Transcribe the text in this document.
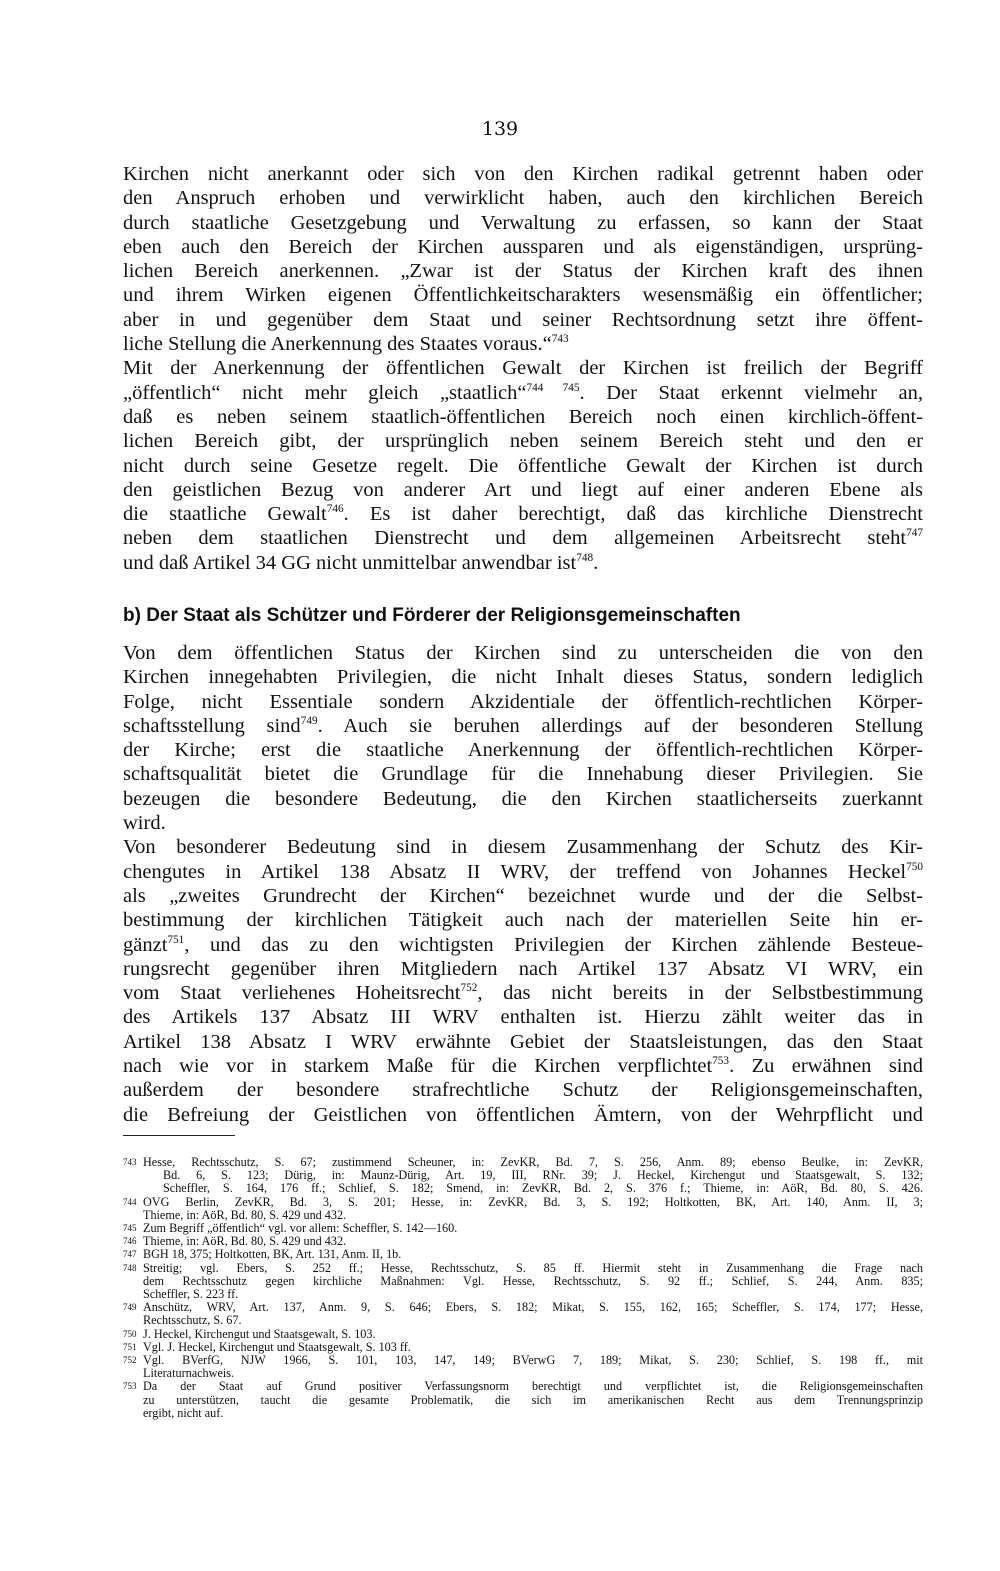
139
Kirchen nicht anerkannt oder sich von den Kirchen radikal getrennt haben oder
den Anspruch erhoben und verwirklicht haben, auch den kirchlichen Bereich
durch staatliche Gesetzgebung und Verwaltung zu erfassen, so kann der Staat
eben auch den Bereich der Kirchen aussparen und als eigenständigen, ursprüng-
lichen Bereich anerkennen. „Zwar ist der Status der Kirchen kraft des ihnen
und ihrem Wirken eigenen Öffentlichkeitscharakters wesensmäßig ein öffentlicher;
aber in und gegenüber dem Staat und seiner Rechtsordnung setzt ihre öffent-
liche Stellung die Anerkennung des Staates voraus.“$^{743}$
Mit der Anerkennung der öffentlichen Gewalt der Kirchen ist freilich der Begriff
„öffentlich“ nicht mehr gleich „staatlich“$^{744 745}$. Der Staat erkennt vielmehr an,
daß es neben seinem staatlich-öffentlichen Bereich noch einen kirchlich-öffent-
lichen Bereich gibt, der ursprünglich neben seinem Bereich steht und den er
nicht durch seine Gesetze regelt. Die öffentliche Gewalt der Kirchen ist durch
den geistlichen Bezug von anderer Art und liegt auf einer anderen Ebene als
die staatliche Gewalt$^{746}$. Es ist daher berechtigt, daß das kirchliche Dienstrecht
neben dem staatlichen Dienstrecht und dem allgemeinen Arbeitsrecht steht$^{747}$
und daß Artikel 34 GG nicht unmittelbar anwendbar ist$^{748}$.
b) Der Staat als Schützer und Förderer der Religionsgemeinschaften
Von dem öffentlichen Status der Kirchen sind zu unterscheiden die von den
Kirchen innegehabten Privilegien, die nicht Inhalt dieses Status, sondern lediglich
Folge, nicht Essentiale sondern Akzidentiale der öffentlich-rechtlichen Körper-
schaftsstellung sind$^{749}$. Auch sie beruhen allerdings auf der besonderen Stellung
der Kirche; erst die staatliche Anerkennung der öffentlich-rechtlichen Körper-
schaftsqualität bietet die Grundlage für die Innehabung dieser Privilegien. Sie
bezeugen die besondere Bedeutung, die den Kirchen staatlicherseits zuerkannt
wird.
Von besonderer Bedeutung sind in diesem Zusammenhang der Schutz des Kir-
chengutes in Artikel 138 Absatz II WRV, der treffend von Johannes Heckel$^{750}$
als „zweites Grundrecht der Kirchen“ bezeichnet wurde und der die Selbst-
bestimmung der kirchlichen Tätigkeit auch nach der materiellen Seite hin er-
gänzt$^{751}$, und das zu den wichtigsten Privilegien der Kirchen zählende Besteue-
rungsrecht gegenüber ihren Mitgliedern nach Artikel 137 Absatz VI WRV, ein
vom Staat verliehenes Hoheitsrecht$^{752}$, das nicht bereits in der Selbstbestimmung
des Artikels 137 Absatz III WRV enthalten ist. Hierzu zählt weiter das in
Artikel 138 Absatz I WRV erwähnte Gebiet der Staatsleistungen, das den Staat
nach wie vor in starkem Maße für die Kirchen verpflichtet$^{753}$. Zu erwähnen sind
außerdem der besondere strafrechtliche Schutz der Religionsgemeinschaften,
die Befreiung der Geistlichen von öffentlichen Ämtern, von der Wehrpflicht und
743 Hesse, Rechtsschutz, S. 67; zustimmend Scheuner, in: ZevKR, Bd. 7, S. 256, Anm. 89; ebenso Beulke, in: ZevKR,
Bd. 6, S. 123; Dürig, in: Maunz-Dürig, Art. 19, III, RNr. 39; J. Heckel, Kirchengut und Staatsgewalt, S. 132;
Scheffler, S. 164, 176 ff.; Schlief, S. 182; Smend, in: ZevKR, Bd. 2, S. 376 f.; Thieme, in: AöR, Bd. 80, S. 426.
744 OVG Berlin, ZevKR, Bd. 3, S. 201; Hesse, in: ZevKR, Bd. 3, S. 192; Holtkotten, BK, Art. 140, Anm. II, 3;
Thieme, in: AöR, Bd. 80, S. 429 und 432.
745 Zum Begriff „öffentlich“ vgl. vor allem: Scheffler, S. 142—160.
746 Thieme, in: AöR, Bd. 80, S. 429 und 432.
747 BGH 18, 375; Holtkotten, BK, Art. 131, Anm. II, 1b.
748 Streitig; vgl. Ebers, S. 252 ff.; Hesse, Rechtsschutz, S. 85 ff. Hiermit steht in Zusammenhang die Frage nach
dem Rechtsschutz gegen kirchliche Maßnahmen: Vgl. Hesse, Rechtsschutz, S. 92 ff.; Schlief, S. 244, Anm. 835;
Scheffler, S. 223 ff.
749 Anschütz, WRV, Art. 137, Anm. 9, S. 646; Ebers, S. 182; Mikat, S. 155, 162, 165; Scheffler, S. 174, 177; Hesse,
Rechtsschutz, S. 67.
750 J. Heckel, Kirchengut und Staatsgewalt, S. 103.
751 Vgl. J. Heckel, Kirchengut und Staatsgewalt, S. 103 ff.
752 Vgl. BVerfG, NJW 1966, S. 101, 103, 147, 149; BVerwG 7, 189; Mikat, S. 230; Schlief, S. 198 ff., mit
Literaturnachweis.
753 Da der Staat auf Grund positiver Verfassungsnorm berechtigt und verpflichtet ist, die Religionsgemeinschaften
zu unterstützen, taucht die gesamte Problematik, die sich im amerikanischen Recht aus dem Trennungsprinzip
ergibt, nicht auf.
